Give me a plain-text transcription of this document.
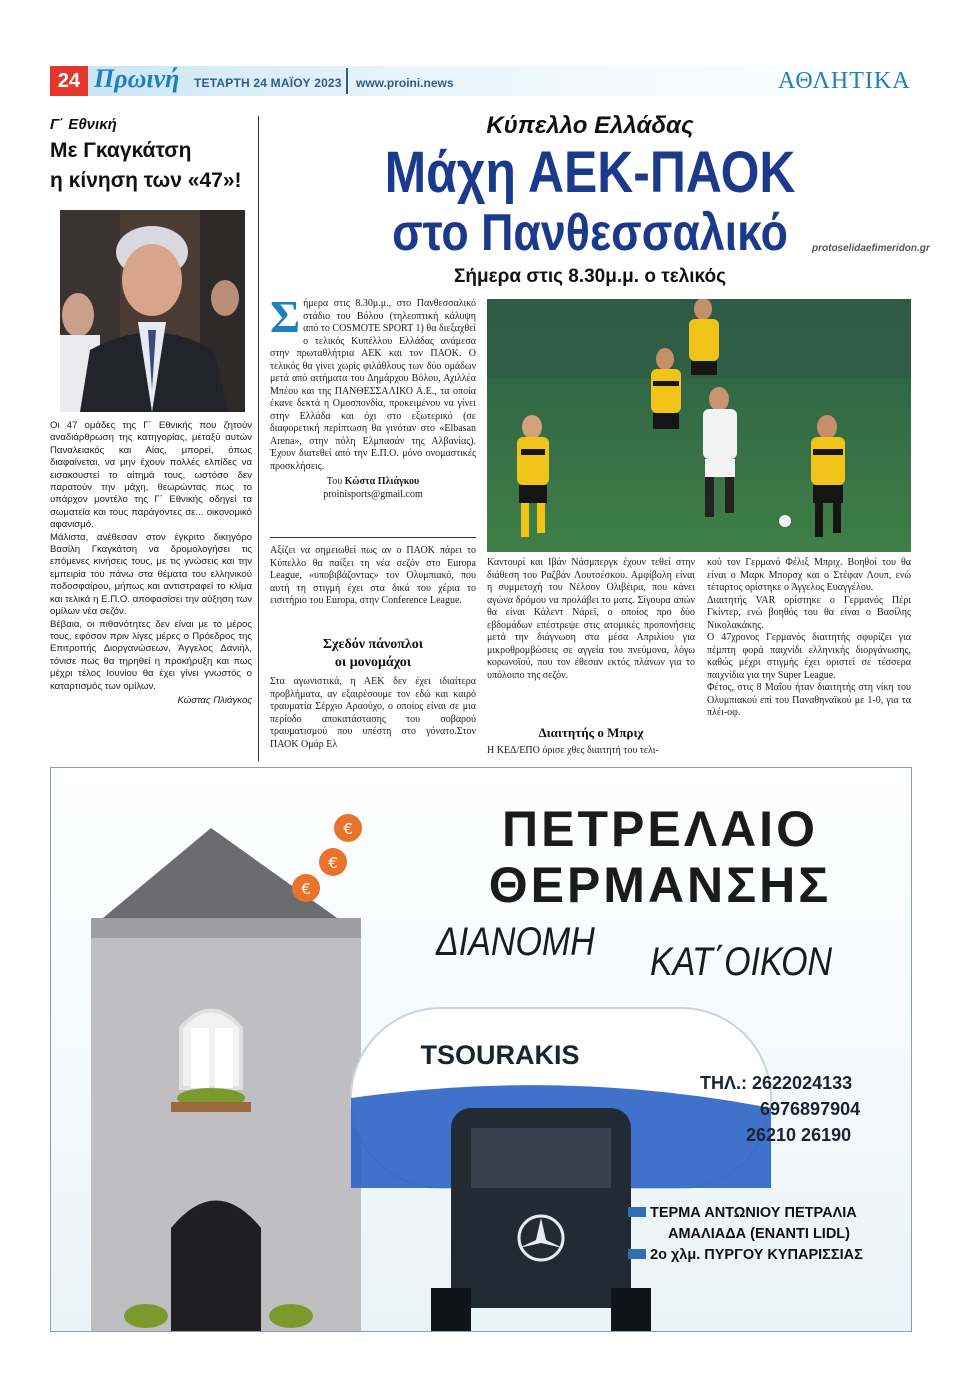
24 Πρωινή ΤΕΤΑΡΤΗ 24 ΜΑΪΟΥ 2023 www.proini.news	ΑΘΛΗΤΙΚΑ
Γ΄ Εθνική
Με Γκαγκάτση
η κίνηση των «47»!

Οι 47 ομάδες της Γ΄ Εθνικής που ζητούν αναδιάρθρωση της κατηγορίας, μεταξύ αυτών Παναλειακός και Αίας, μπορεί, όπως διαφαίνεται, να μην έχουν πολλές ελπίδες να εισακουστεί το αίτημά τους, ωστόσο δεν παρατούν την μάχη, θεωρώντας πως το υπάρχον μοντέλο της Γ΄ Εθνικής οδηγεί τα σωματεία και τους παράγοντες σε... οικονομικό αφανισμό.

Μάλιστα, ανέθεσαν στον έγκριτο δικηγόρο Βασίλη Γκαγκάτση να δρομολογήσει τις επόμενες κινήσεις τους, με τις γνώσεις και την εμπειρία του πάνω στα θέματα του ελληνικού ποδοσφαίρου, μήπως και αντιστραφεί το κλίμα και τελικά η Ε.Π.Ο. αποφασίσει την αύξηση των ομίλων νέα σεζόν.

Βέβαια, οι πιθανότητες δεν είναι με το μέρος τους, εφόσον πριν λίγες μέρες ο Πρόεδρος της Επιτροπής Διοργανώσεων, Άγγελος Δανιήλ, τόνισε πως θα τηρηθεί η προκήρυξη και πως μέχρι τέλος Ιουνίου θα έχει γίνει γνωστός ο καταρτισμός των ομίλων.

Κώστας Πλιάγκος

Κύπελλο Ελλάδας
Μάχη ΑΕΚ-ΠΑΟΚ
στο Πανθεσσαλικό	protoselidaefimeridon.gr
Σήμερα στις 8.30μ.μ. ο τελικός

Σήμερα στις 8.30μ.μ., στο Πανθεσσαλικό στάδιο του Βόλου (τηλεοπτική κάλυψη από το COSMOTE SPORT 1) θα διεξαχθεί ο τελικός Κυπέλλου Ελλάδας ανάμεσα στην πρωταθλήτρια ΑΕΚ και τον ΠΑΟΚ. Ο τελικός θα γίνει χωρίς φιλάθλους των δύο ομάδων μετά από αιτήματα του Δημάρχου Βόλου, Αχιλλέα Μπέου και της ΠΑΝΘΕΣΣΑΛΙΚΟ Α.Ε., τα οποία έκανε δεκτά η Ομοσπονδία, προκειμένου να γίνει στην Ελλάδα και όχι στο εξωτερικό (σε διαφορετική περίπτωση θα γινόταν στο «Elbasan Arena», στην πόλη Ελμπασάν της Αλβανίας). Έχουν διατεθεί από την Ε.Π.Ο. μόνο ονομαστικές προσκλήσεις.

Του Κώστα Πλιάγκου

proinisports@gmail.com

Αξίζει να σημειωθεί πως αν ο ΠΑΟΚ πάρει το Κύπελλο θα παίξει τη νέα σεζόν στο Europa League, «υποβιβάζοντας» τον Ολυμπιακό, που αυτή τη στιγμή έχει στα δικά του χέρια το εισιτήριο του Europa, στην Conference League.
Σχεδόν πάνοπλοι
οι μονομάχοι
Στα αγωνιστικά, η ΑΕΚ δεν έχει ιδιαίτερα προβλήματα, αν εξαιρέσουμε τον εδώ και καιρό τραυματία Σέρχιο Αραούχο, ο οποίος είναι σε μια περίοδο αποκατάστασης του σοβαρού τραυματισμού που υπέστη στο γόνατο.Στον ΠΑΟΚ Ομάρ Ελ
Καντουρί και Ιβάν Νάσμπεργκ έχουν τεθεί στην διάθεση του Ραζβάν Λουτσέσκου. Αμφίβολη είναι η συμμετοχή του Νέλσον Ολιβέιρα, που κάνει αγώνα δρόμου να προλάβει το ματς. Σίγουρα απών θα είναι Κάλεντ Νάρεϊ, ο οποίος προ δύο εβδομάδων επέστρεψε στις ατομικές προπονήσεις μετά την διάγνωση στα μέσα Απριλίου για μικροθρομβώσεις σε αγγεία του πνεύμονα, λόγω κορωνοϊού, που τον έθεσαν εκτός πλάνων για το υπόλοιπο της σεζόν.
Διαιτητής ο Μπριχ
Η ΚΕΔ/ΕΠΟ όρισε χθες διαιτητή του τελι-

κού τον Γερμανό Φέλιξ Μπριχ. Βοηθοί του θα είναι ο Μαρκ Μπορσχ και ο Στέφαν Λουπ, ενώ τέταρτος ορίστηκε ο Άγγελος Ευαγγέλου.

Διαιτητής VAR ορίστηκε ο Γερμανός Πέρι Γκίντερ, ενώ βοηθός του θα είναι ο Βασίλης Νικολακάκης.

Ο 47χρονος Γερμανός διαιτητής σφυρίζει για πέμπτη φορά παιχνίδι ελληνικής διοργάνωσης, καθώς μέχρι στιγμής έχει οριστεί σε τέσσερα παιχνίδια για την Super League.

Φέτος, στις 8 Μαΐου ήταν διαιτητής στη νίκη του Ολυμπιακού επί του Παναθηναϊκού με 1-0, για τα πλέι-οφ.

€
€
€
ΠΕΤΡΕΛΑΙΟ
ΘΕΡΜΑΝΣΗΣ
ΔΙΑΝΟΜΗ ΚΑΤ΄ΟΙΚΟΝ
TSOURAKIS
ΤΗΛ.: 2622024133
6976897904
26210 26190
ΤΕΡΜΑ ΑΝΤΩΝΙΟΥ ΠΕΤΡΑΛΙΑ
ΑΜΑΛΙΑΔΑ (ΕΝΑΝΤΙ LIDL)
2ο χλμ. ΠΥΡΓΟΥ ΚΥΠΑΡΙΣΣΙΑΣ
